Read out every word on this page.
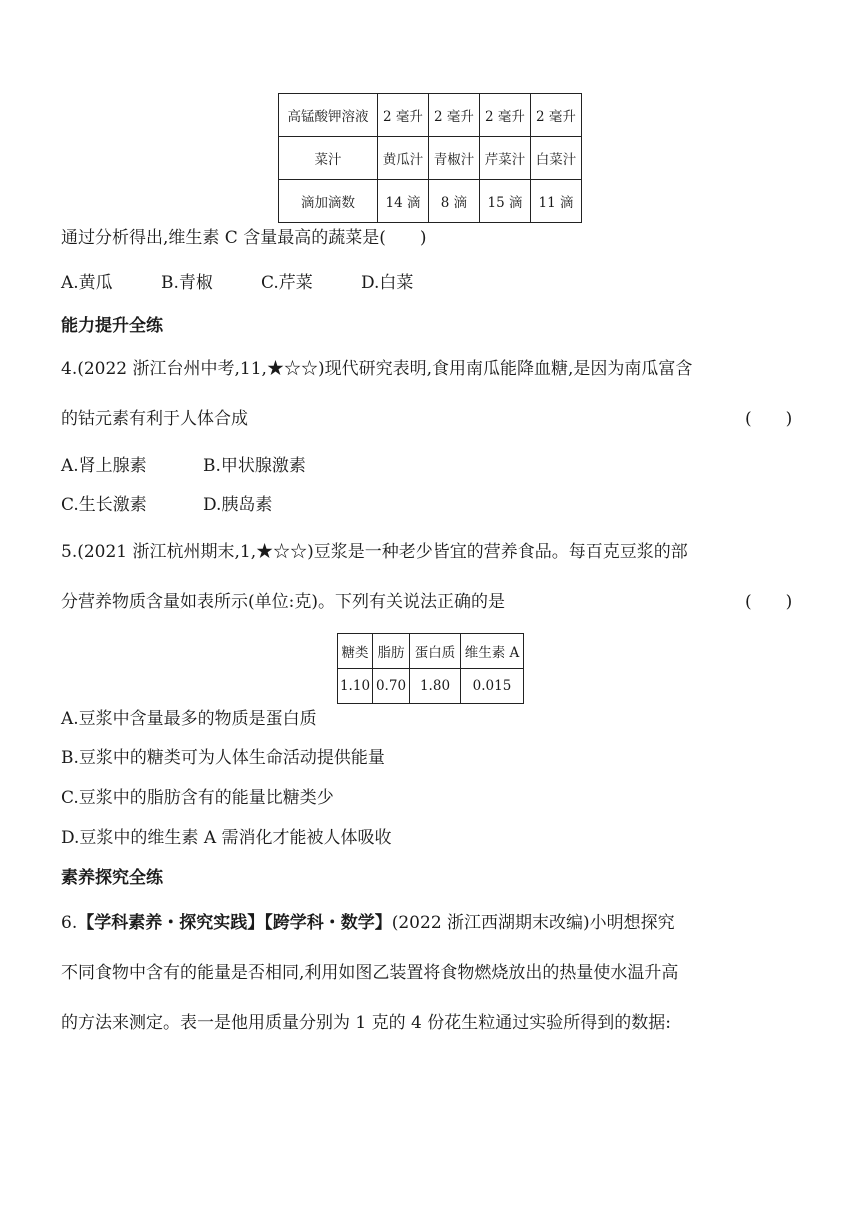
高锰酸钾溶液	2 毫升	2 毫升	2 毫升	2 毫升
菜汁	黄瓜汁	青椒汁	芹菜汁	白菜汁
滴加滴数	14 滴	8 滴	15 滴	11 滴
通过分析得出,维生素 C 含量最高的蔬菜是(　　)
A.黄瓜	B.青椒	C.芹菜	D.白菜
能力提升全练
4.(2022 浙江台州中考,11,★☆☆)现代研究表明,食用南瓜能降血糖,是因为南瓜富含
的钴元素有利于人体合成	(　　)
A.肾上腺素	B.甲状腺激素
C.生长激素	D.胰岛素
5.(2021 浙江杭州期末,1,★☆☆)豆浆是一种老少皆宜的营养食品。每百克豆浆的部
分营养物质含量如表所示(单位:克)。下列有关说法正确的是	(　　)
糖类	脂肪	蛋白质	维生素 A
1.10	0.70	1.80	0.015
A.豆浆中含量最多的物质是蛋白质
B.豆浆中的糖类可为人体生命活动提供能量
C.豆浆中的脂肪含有的能量比糖类少
D.豆浆中的维生素 A 需消化才能被人体吸收
素养探究全练
6.【学科素养・探究实践】【跨学科・数学】(2022 浙江西湖期末改编)小明想探究
不同食物中含有的能量是否相同,利用如图乙装置将食物燃烧放出的热量使水温升高
的方法来测定。表一是他用质量分别为 1 克的 4 份花生粒通过实验所得到的数据:
